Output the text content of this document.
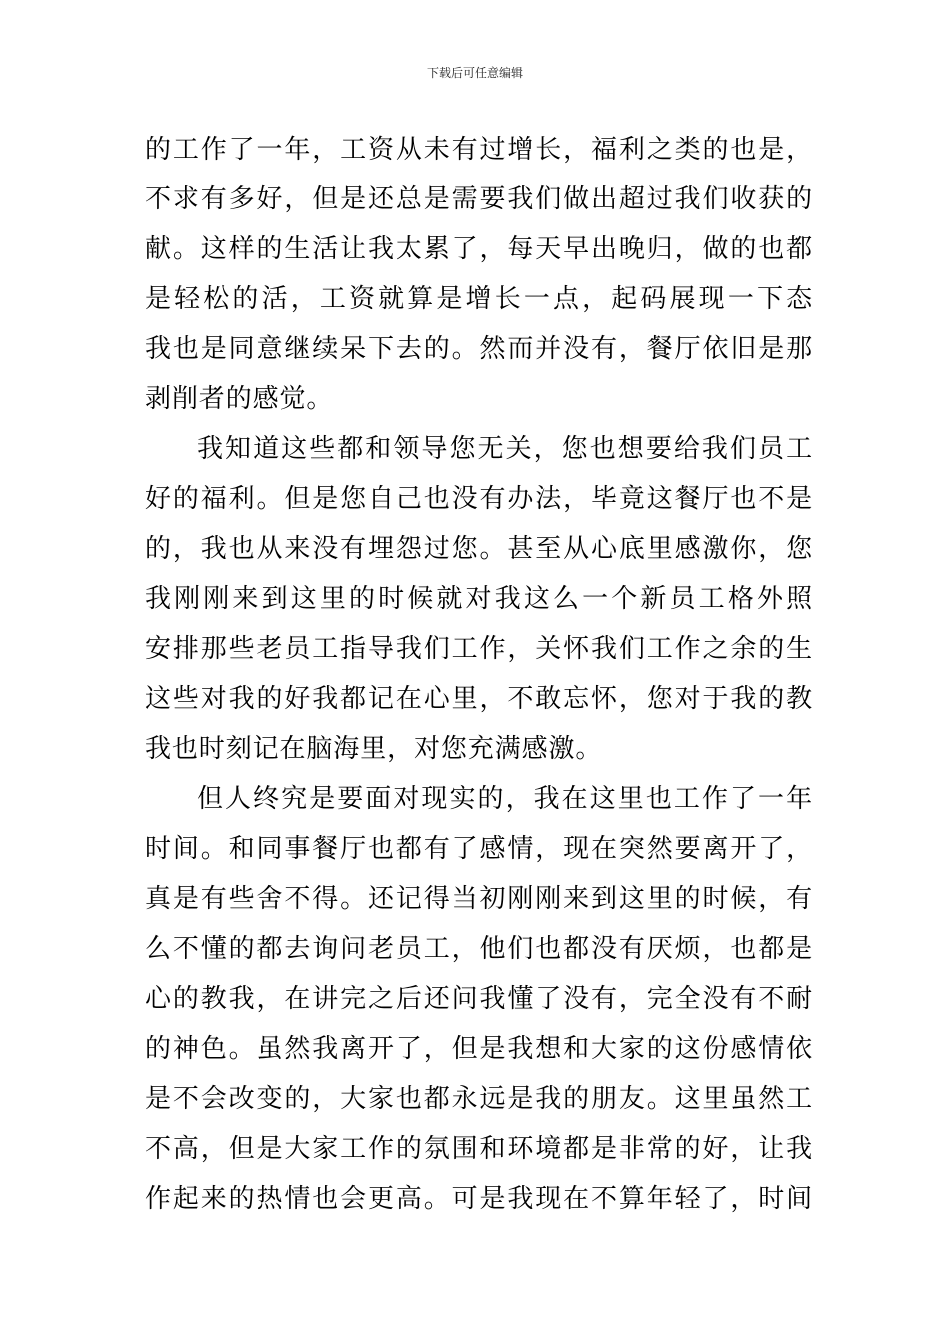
下载后可任意编辑
的工作了一年，工资从未有过增长，福利之类的也是，
不求有多好，但是还总是需要我们做出超过我们收获的
献。这样的生活让我太累了，每天早出晚归，做的也都
是轻松的活，工资就算是增长一点，起码展现一下态
我也是同意继续呆下去的。然而并没有，餐厅依旧是那
剥削者的感觉。
我知道这些都和领导您无关，您也想要给我们员工
好的福利。但是您自己也没有办法，毕竟这餐厅也不是
的，我也从来没有埋怨过您。甚至从心底里感激你，您
我刚刚来到这里的时候就对我这么一个新员工格外照
安排那些老员工指导我们工作，关怀我们工作之余的生
这些对我的好我都记在心里，不敢忘怀，您对于我的教
我也时刻记在脑海里，对您充满感激。
但人终究是要面对现实的，我在这里也工作了一年
时间。和同事餐厅也都有了感情，现在突然要离开了，
真是有些舍不得。还记得当初刚刚来到这里的时候，有
么不懂的都去询问老员工，他们也都没有厌烦，也都是
心的教我，在讲完之后还问我懂了没有，完全没有不耐
的神色。虽然我离开了，但是我想和大家的这份感情依
是不会改变的，大家也都永远是我的朋友。这里虽然工
不高，但是大家工作的氛围和环境都是非常的好，让我
作起来的热情也会更高。可是我现在不算年轻了，时间
